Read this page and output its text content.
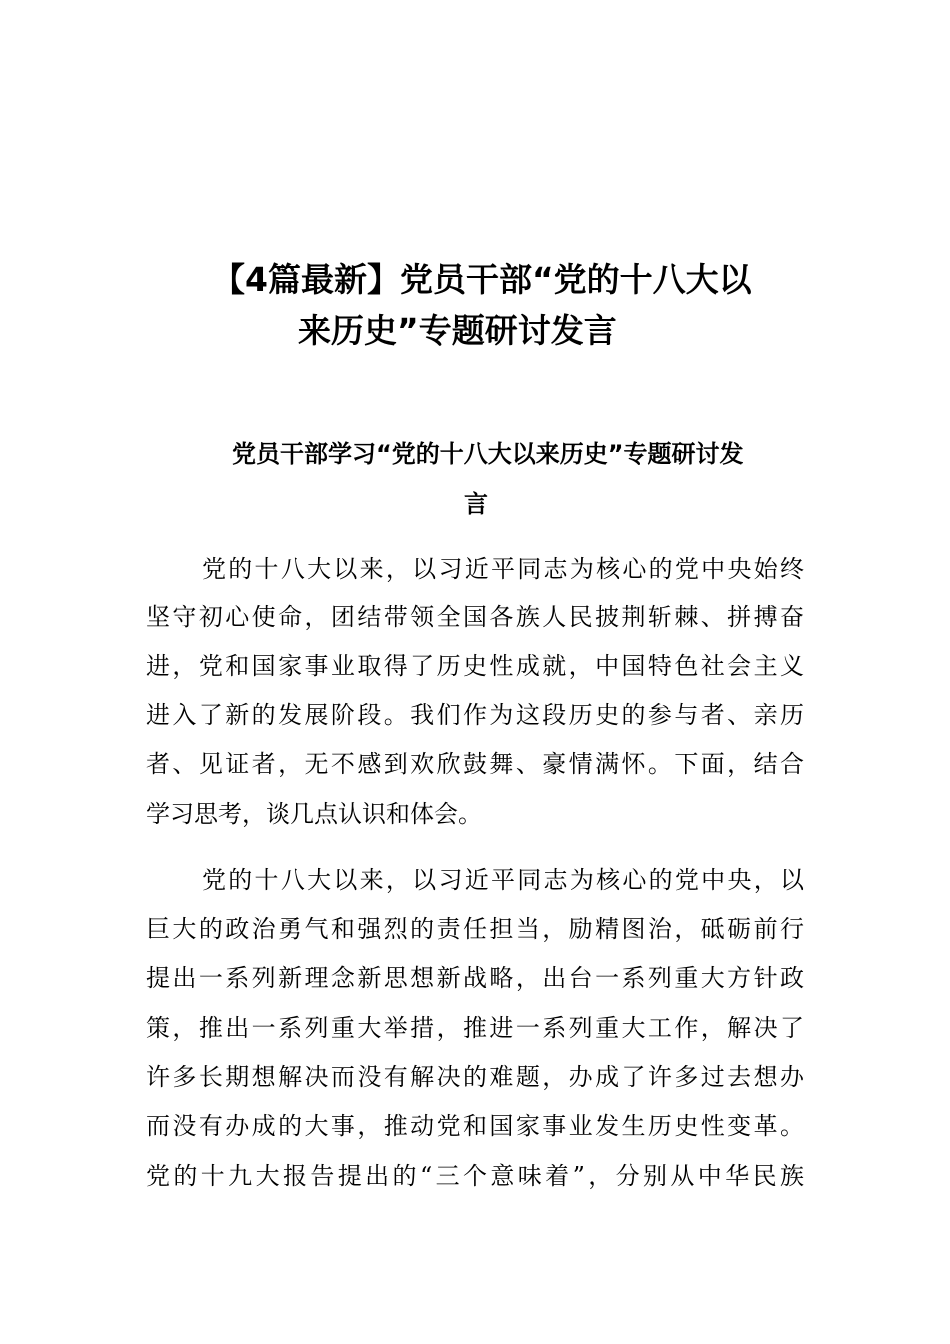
【4篇最新】党员干部“党的十八大以
来历史”专题研讨发言
党员干部学习“党的十八大以来历史”专题研讨发
言
党的十八大以来，以习近平同志为核心的党中央始终
坚守初心使命，团结带领全国各族人民披荆斩棘、拼搏奋
进，党和国家事业取得了历史性成就，中国特色社会主义
进入了新的发展阶段。我们作为这段历史的参与者、亲历
者、见证者，无不感到欢欣鼓舞、豪情满怀。下面，结合
学习思考，谈几点认识和体会。
党的十八大以来，以习近平同志为核心的党中央，以
巨大的政治勇气和强烈的责任担当，励精图治，砥砺前行
提出一系列新理念新思想新战略，出台一系列重大方针政
策，推出一系列重大举措，推进一系列重大工作，解决了
许多长期想解决而没有解决的难题，办成了许多过去想办
而没有办成的大事，推动党和国家事业发生历史性变革。
党的十九大报告提出的“三个意味着”，分别从中华民族
